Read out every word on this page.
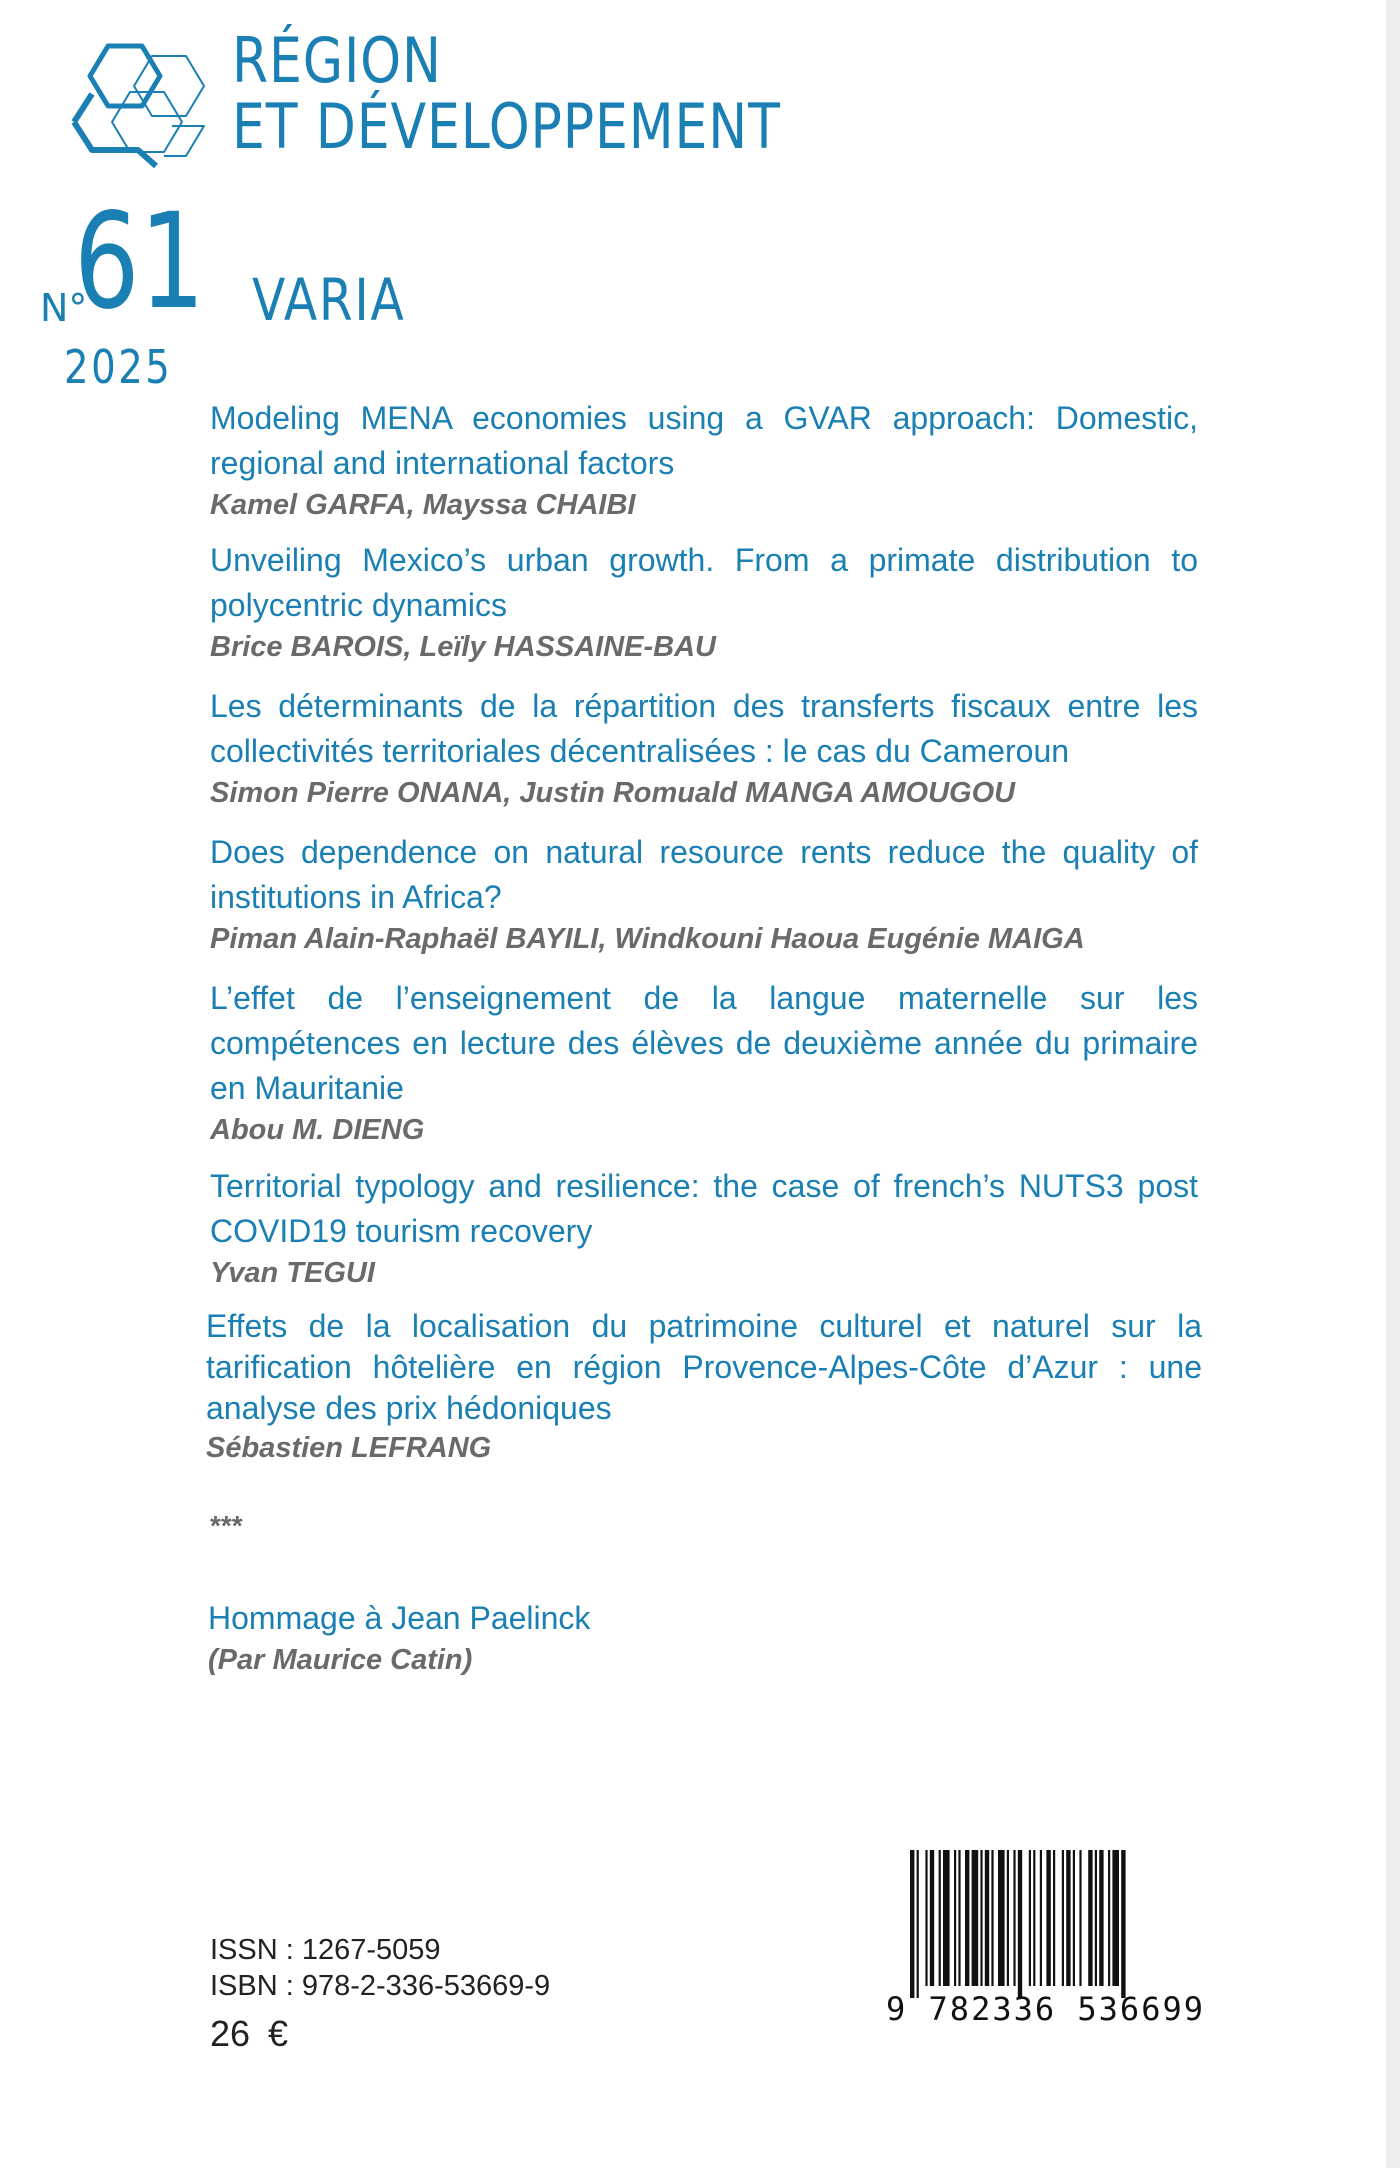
RÉGION
ET DÉVELOPPEMENT
N°
61
2025
VARIA
Modeling MENA economies using a GVAR approach: Domestic, regional and international factors
Kamel GARFA, Mayssa CHAIBI
Unveiling Mexico’s urban growth. From a primate distribution to polycentric dynamics
Brice BAROIS, Leïly HASSAINE-BAU
Les déterminants de la répartition des transferts fiscaux entre les collectivités territoriales décentralisées : le cas du Cameroun
Simon Pierre ONANA, Justin Romuald MANGA AMOUGOU
Does dependence on natural resource rents reduce the quality of institutions in Africa?
Piman Alain-Raphaël BAYILI, Windkouni Haoua Eugénie MAIGA
L’effet de l’enseignement de la langue maternelle sur les compétences en lecture des élèves de deuxième année du primaire en Mauritanie
Abou M. DIENG
Territorial typology and resilience: the case of french’s NUTS3 post COVID19 tourism recovery
Yvan TEGUI
Effets de la localisation du patrimoine culturel et naturel sur la tarification hôtelière en région Provence-Alpes-Côte d’Azur : une analyse des prix hédoniques
Sébastien LEFRANG
***
Hommage à Jean Paelinck
(Par Maurice Catin)
ISSN : 1267-5059
ISBN : 978-2-336-53669-9
26 €
9 782336 536699
